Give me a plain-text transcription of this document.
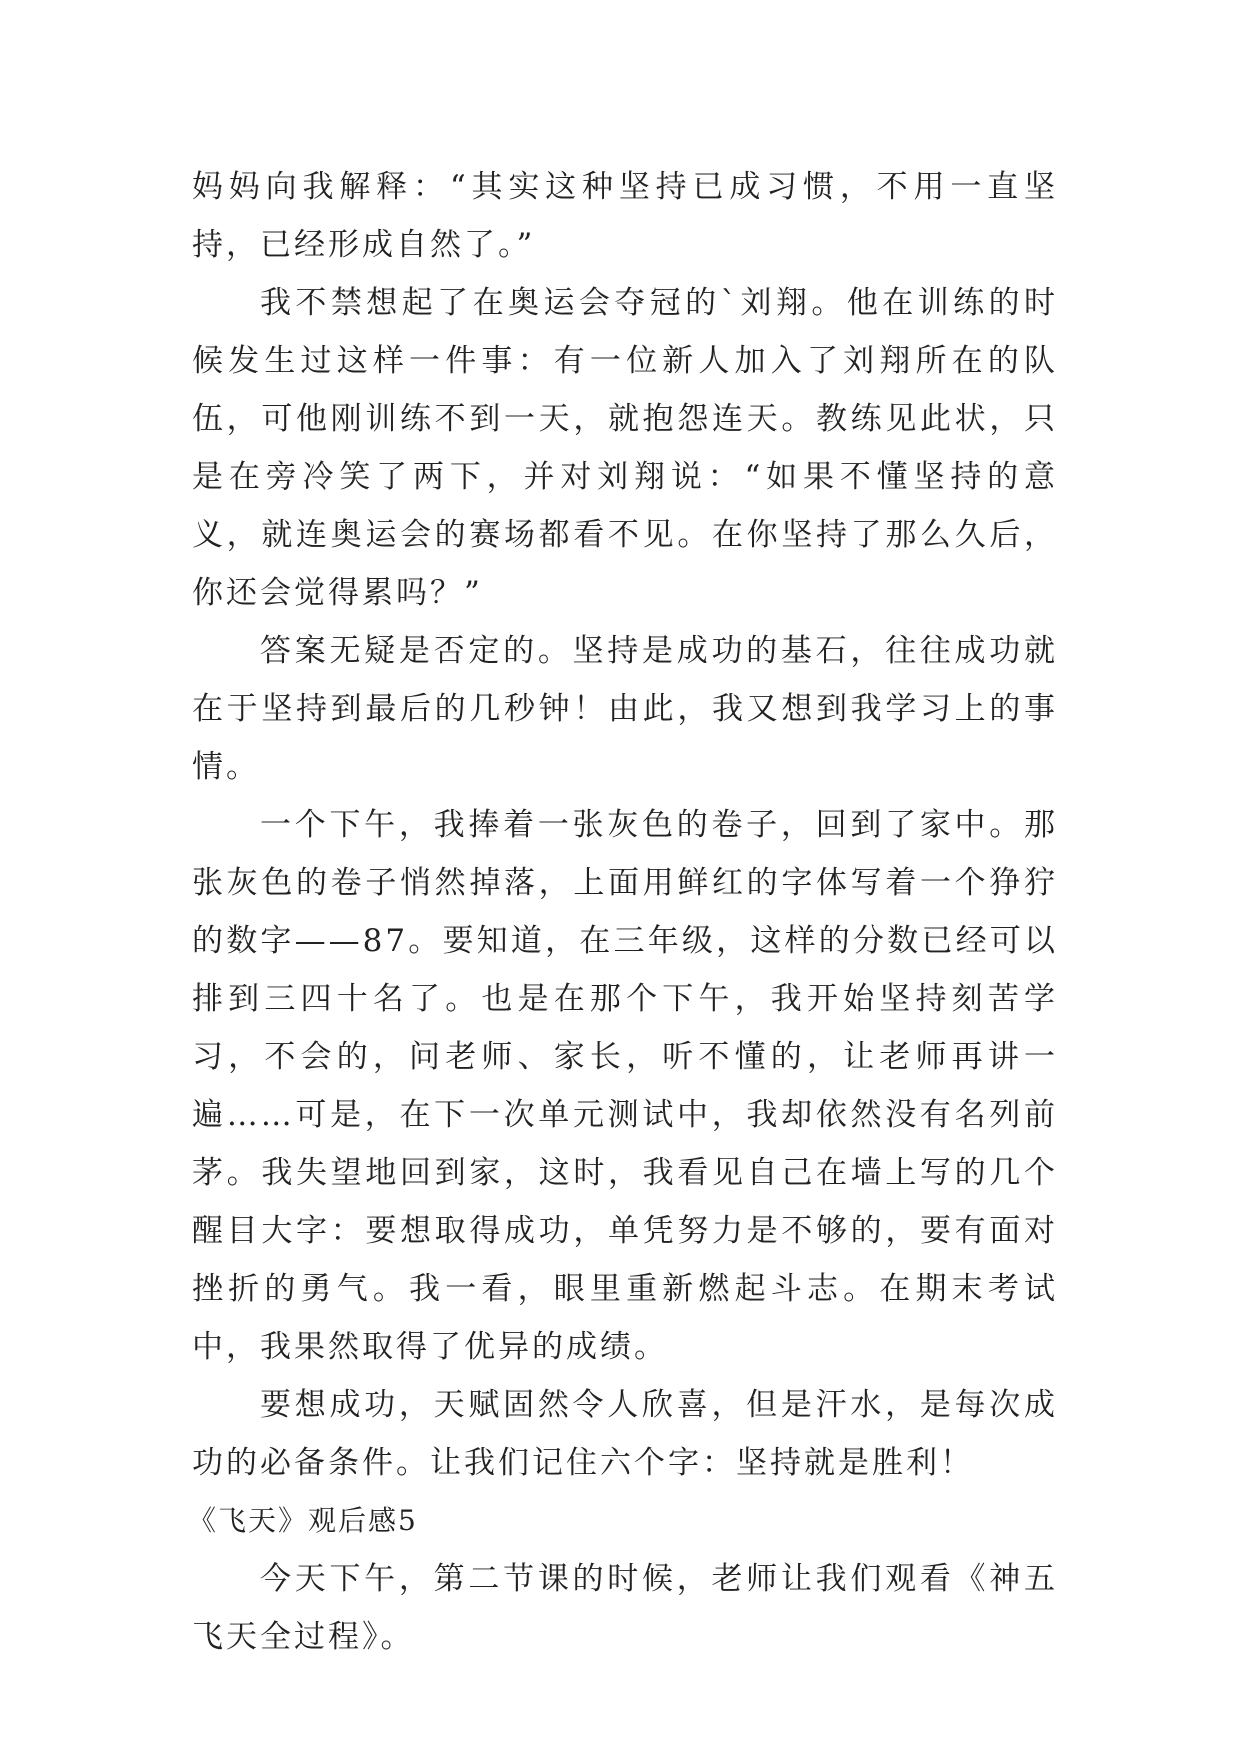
妈妈向我解释：“其实这种坚持已成习惯，不用一直坚持，已经形成自然了。”

我不禁想起了在奥运会夺冠的`刘翔。他在训练的时候发生过这样一件事：有一位新人加入了刘翔所在的队伍，可他刚训练不到一天，就抱怨连天。教练见此状，只是在旁冷笑了两下，并对刘翔说：“如果不懂坚持的意义，就连奥运会的赛场都看不见。在你坚持了那么久后，你还会觉得累吗？”

答案无疑是否定的。坚持是成功的基石，往往成功就在于坚持到最后的几秒钟！由此，我又想到我学习上的事情。

一个下午，我捧着一张灰色的卷子，回到了家中。那张灰色的卷子悄然掉落，上面用鲜红的字体写着一个狰狞的数字——87。要知道，在三年级，这样的分数已经可以排到三四十名了。也是在那个下午，我开始坚持刻苦学习，不会的，问老师、家长，听不懂的，让老师再讲一遍……可是，在下一次单元测试中，我却依然没有名列前茅。我失望地回到家，这时，我看见自己在墙上写的几个醒目大字：要想取得成功，单凭努力是不够的，要有面对挫折的勇气。我一看，眼里重新燃起斗志。在期末考试中，我果然取得了优异的成绩。

要想成功，天赋固然令人欣喜，但是汗水，是每次成功的必备条件。让我们记住六个字：坚持就是胜利！

《飞天》观后感5

今天下午，第二节课的时候，老师让我们观看《神五飞天全过程》。
